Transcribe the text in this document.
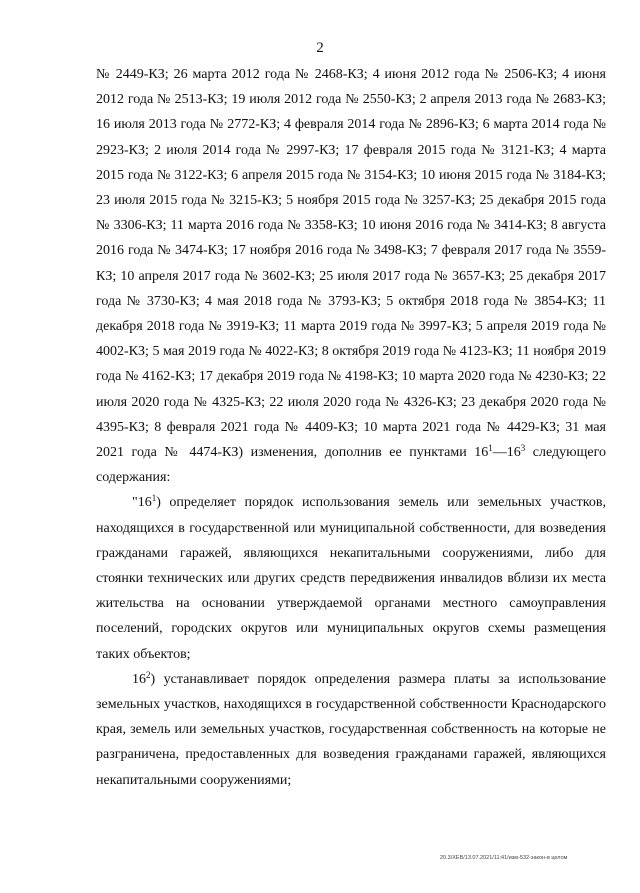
2

№ 2449-КЗ; 26 марта 2012 года № 2468-КЗ; 4 июня 2012 года № 2506-КЗ; 4 июня 2012 года № 2513-КЗ; 19 июля 2012 года № 2550-КЗ; 2 апреля 2013 года № 2683-КЗ; 16 июля 2013 года № 2772-КЗ; 4 февраля 2014 года № 2896-КЗ; 6 марта 2014 года № 2923-КЗ; 2 июля 2014 года № 2997-КЗ; 17 февраля 2015 года № 3121-КЗ; 4 марта 2015 года № 3122-КЗ; 6 апреля 2015 года № 3154-КЗ; 10 июня 2015 года № 3184-КЗ; 23 июля 2015 года № 3215-КЗ; 5 ноября 2015 года № 3257-КЗ; 25 декабря 2015 года № 3306-КЗ; 11 марта 2016 года № 3358-КЗ; 10 июня 2016 года № 3414-КЗ; 8 августа 2016 года № 3474-КЗ; 17 ноября 2016 года № 3498-КЗ; 7 февраля 2017 года № 3559-КЗ; 10 апреля 2017 года № 3602-КЗ; 25 июля 2017 года № 3657-КЗ; 25 декабря 2017 года № 3730-КЗ; 4 мая 2018 года № 3793-КЗ; 5 октября 2018 года № 3854-КЗ; 11 декабря 2018 года № 3919-КЗ; 11 марта 2019 года № 3997-КЗ; 5 апреля 2019 года № 4002-КЗ; 5 мая 2019 года № 4022-КЗ; 8 октября 2019 года № 4123-КЗ; 11 ноября 2019 года № 4162-КЗ; 17 декабря 2019 года № 4198-КЗ; 10 марта 2020 года № 4230-КЗ; 22 июля 2020 года № 4325-КЗ; 22 июля 2020 года № 4326-КЗ; 23 декабря 2020 года № 4395-КЗ; 8 февраля 2021 года № 4409-КЗ; 10 марта 2021 года № 4429-КЗ; 31 мая 2021 года № 4474-КЗ) изменения, дополнив ее пунктами $16^1—16^3$ следующего содержания:

"$16^1$) определяет порядок использования земель или земельных участков, находящихся в государственной или муниципальной собственности, для возведения гражданами гаражей, являющихся некапитальными сооружениями, либо для стоянки технических или других средств передвижения инвалидов вблизи их места жительства на основании утверждаемой органами местного самоуправления поселений, городских округов или муниципальных округов схемы размещения таких объектов;

$16^2$) устанавливает порядок определения размера платы за использование земельных участков, находящихся в государственной собственности Краснодарского края, земель или земельных участков, государственная собственность на которые не разграничена, предоставленных для возведения гражданами гаражей, являющихся некапитальными сооружениями;

20.3/ХЕВ/13.07.2021/11:41/изм-532-закон-в целом
